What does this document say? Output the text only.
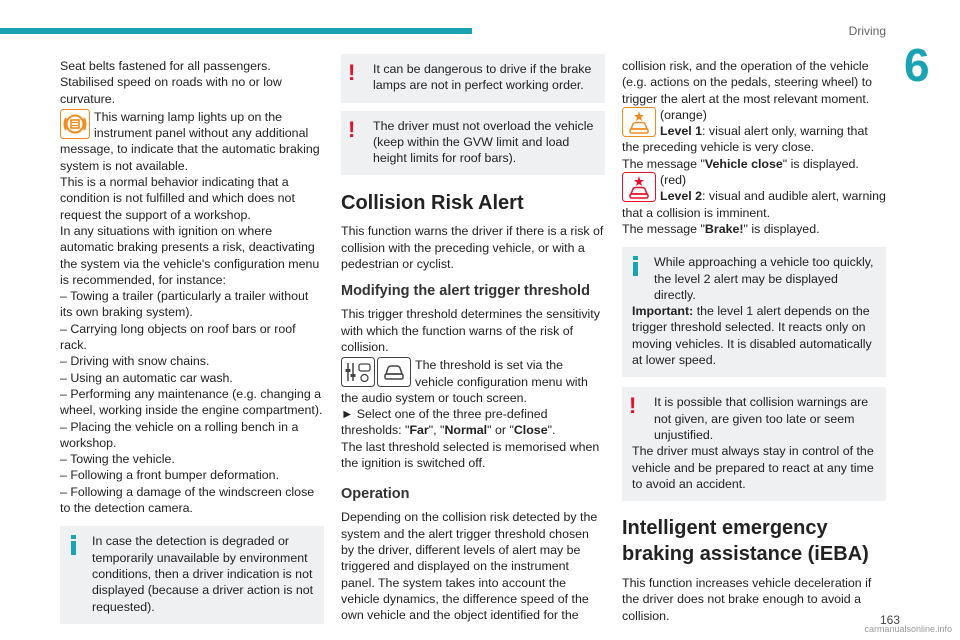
Driving
6

Seat belts fastened for all passengers.

Stabilised speed on roads with no or low curvature.

This warning lamp lights up on the instrument panel without any additional message, to indicate that the automatic braking system is not available.

This is a normal behavior indicating that a condition is not fulfilled and which does not request the support of a workshop.

In any situations with ignition on where automatic braking presents a risk, deactivating the system via the vehicle's configuration menu is recommended, for instance:

– Towing a trailer (particularly a trailer without its own braking system).

– Carrying long objects on roof bars or roof rack.

– Driving with snow chains.

– Using an automatic car wash.

– Performing any maintenance (e.g. changing a wheel, working inside the engine compartment).

– Placing the vehicle on a rolling bench in a workshop.

– Towing the vehicle.

– Following a front bumper deformation.

– Following a damage of the windscreen close to the detection camera.

In case the detection is degraded or temporarily unavailable by environment conditions, then a driver indication is not displayed (because a driver action is not requested).

!	It can be dangerous to drive if the brake lamps are not in perfect working order.

!	The driver must not overload the vehicle (keep within the GVW limit and load height limits for roof bars).

Collision Risk Alert

This function warns the driver if there is a risk of collision with the preceding vehicle, or with a pedestrian or cyclist.

Modifying the alert trigger threshold

This trigger threshold determines the sensitivity with which the function warns of the risk of collision.

The threshold is set via the vehicle configuration menu with the audio system or touch screen.

► Select one of the three pre-defined thresholds: "Far", "Normal" or "Close".

The last threshold selected is memorised when the ignition is switched off.

Operation

Depending on the collision risk detected by the system and the alert trigger threshold chosen by the driver, different levels of alert may be triggered and displayed on the instrument panel. The system takes into account the vehicle dynamics, the difference speed of the own vehicle and the object identified for the

collision risk, and the operation of the vehicle (e.g. actions on the pedals, steering wheel) to trigger the alert at the most relevant moment.

(orange)

Level 1: visual alert only, warning that the preceding vehicle is very close.

The message "Vehicle close" is displayed.

(red)

Level 2: visual and audible alert, warning that a collision is imminent.

The message "Brake!" is displayed.

While approaching a vehicle too quickly, the level 2 alert may be displayed directly.

Important: the level 1 alert depends on the trigger threshold selected. It reacts only on moving vehicles. It is disabled automatically at lower speed.

!	It is possible that collision warnings are not given, are given too late or seem unjustified.

The driver must always stay in control of the vehicle and be prepared to react at any time to avoid an accident.

Intelligent emergency braking assistance (iEBA)

This function increases vehicle deceleration if the driver does not brake enough to avoid a collision.	163
carmanualsonline.info
